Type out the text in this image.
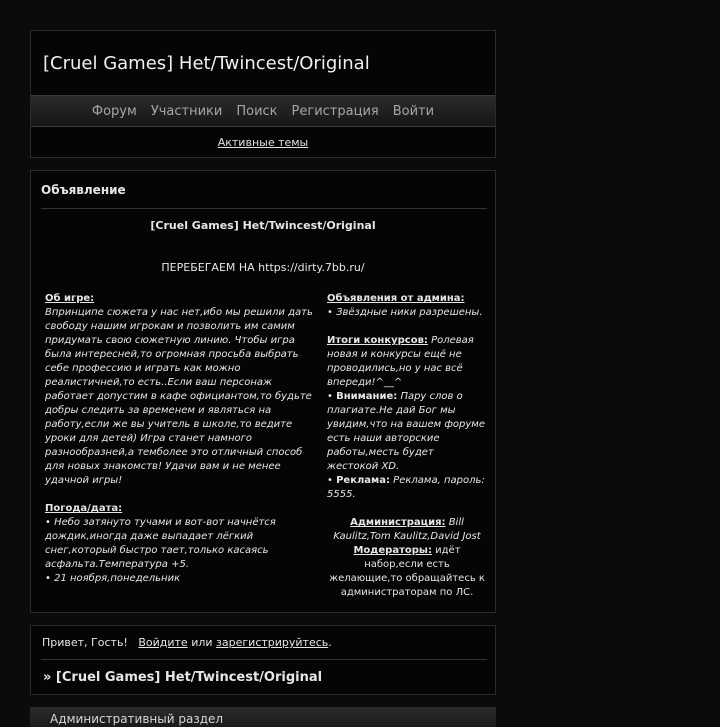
[Cruel Games] Het/Twincest/Original
Форум Участники Поиск Регистрация Войти
Активные темы
Объявление
[Cruel Games] Het/Twincest/Original
ПЕРЕБЕГАЕМ НА https://dirty.7bb.ru/
Об игре:
Впринципе сюжета у нас нет,ибо мы решили дать свободу нашим игрокам и позволить им самим придумать свою сюжетную линию. Чтобы игра была интересней,то огромная просьба выбрать себе профессию и играть как можно реалистичней,то есть..Если ваш персонаж работает допустим в кафе официантом,то будьте добры следить за временем и являться на работу,если же вы учитель в школе,то ведите уроки для детей) Игра станет намного разнообразней,а темболее это отличный способ для новых знакомств! Удачи вам и не менее удачной игры!
Погода/дата:
• Небо затянуто тучами и вот-вот начнётся дождик,иногда даже выпадает лёгкий снег,который быстро тает,только касаясь асфальта.Температура +5.
• 21 ноября,понедельник
Объявления от админа:
• Звёздные ники разрешены.
Итоги конкурсов: Ролевая новая и конкурсы ещё не проводились,но у нас всё впереди!^__^
• Внимание: Пару слов о плагиате.Не дай Бог мы увидим,что на вашем форуме есть наши авторские работы,месть будет жестокой XD.
• Реклама: Реклама, пароль: 5555.
Администрация: Bill Kaulitz,Tom Kaulitz,David Jost
Модераторы: идёт набор,если есть желающие,то обращайтесь к администраторам по ЛС.
Привет, Гость! Войдите или зарегистрируйтесь.
» [Cruel Games] Het/Twincest/Original
Административный раздел
